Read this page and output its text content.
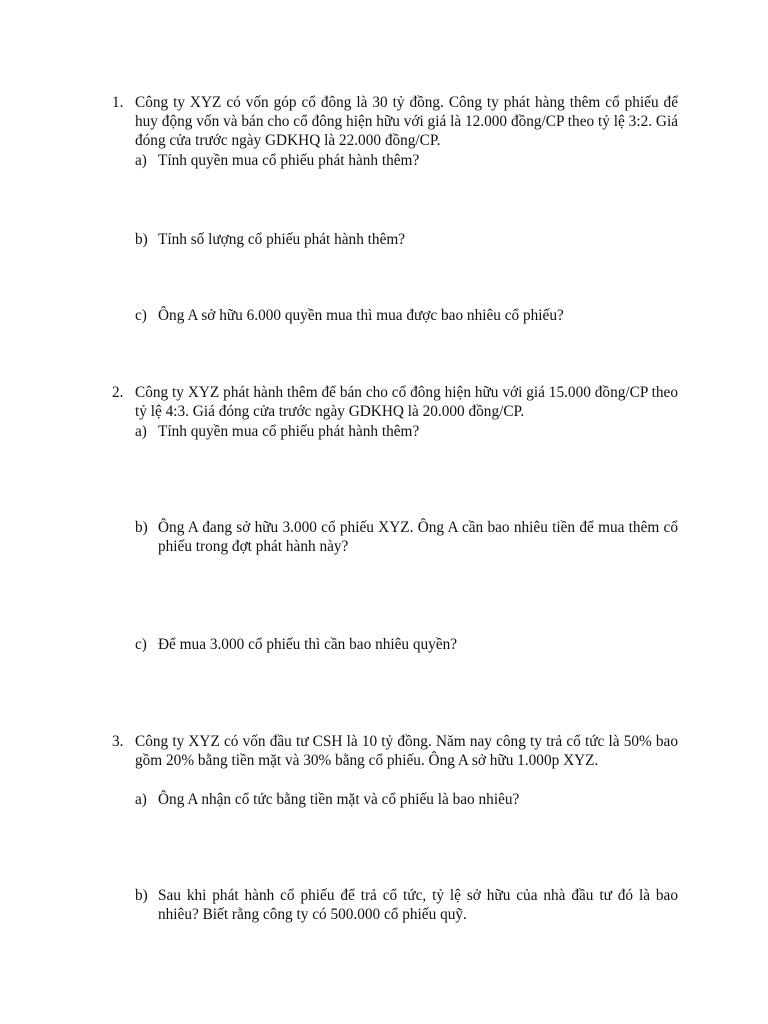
1. Công ty XYZ có vốn góp cổ đông là 30 tỷ đồng. Công ty phát hàng thêm cổ phiếu để huy động vốn và bán cho cổ đông hiện hữu với giá là 12.000 đồng/CP theo tỷ lệ 3:2. Giá đóng cửa trước ngày GDKHQ là 22.000 đồng/CP.
a) Tính quyền mua cổ phiếu phát hành thêm?
b) Tính số lượng cổ phiếu phát hành thêm?
c) Ông A sở hữu 6.000 quyền mua thì mua được bao nhiêu cổ phiếu?
2. Công ty XYZ phát hành thêm để bán cho cổ đông hiện hữu với giá 15.000 đồng/CP theo tỷ lệ 4:3. Giá đóng cửa trước ngày GDKHQ là 20.000 đồng/CP.
a) Tính quyền mua cổ phiếu phát hành thêm?
b) Ông A đang sở hữu 3.000 cổ phiếu XYZ. Ông A cần bao nhiêu tiền để mua thêm cổ phiếu trong đợt phát hành này?
c) Để mua 3.000 cổ phiếu thì cần bao nhiêu quyền?
3. Công ty XYZ có vốn đầu tư CSH là 10 tỷ đồng. Năm nay công ty trả cổ tức là 50% bao gồm 20% bằng tiền mặt và 30% bằng cổ phiếu. Ông A sở hữu 1.000p XYZ.
a) Ông A nhận cổ tức bằng tiền mặt và cổ phiếu là bao nhiêu?
b) Sau khi phát hành cổ phiếu để trả cổ tức, tỷ lệ sở hữu của nhà đầu tư đó là bao nhiêu? Biết rằng công ty có 500.000 cổ phiếu quỹ.
